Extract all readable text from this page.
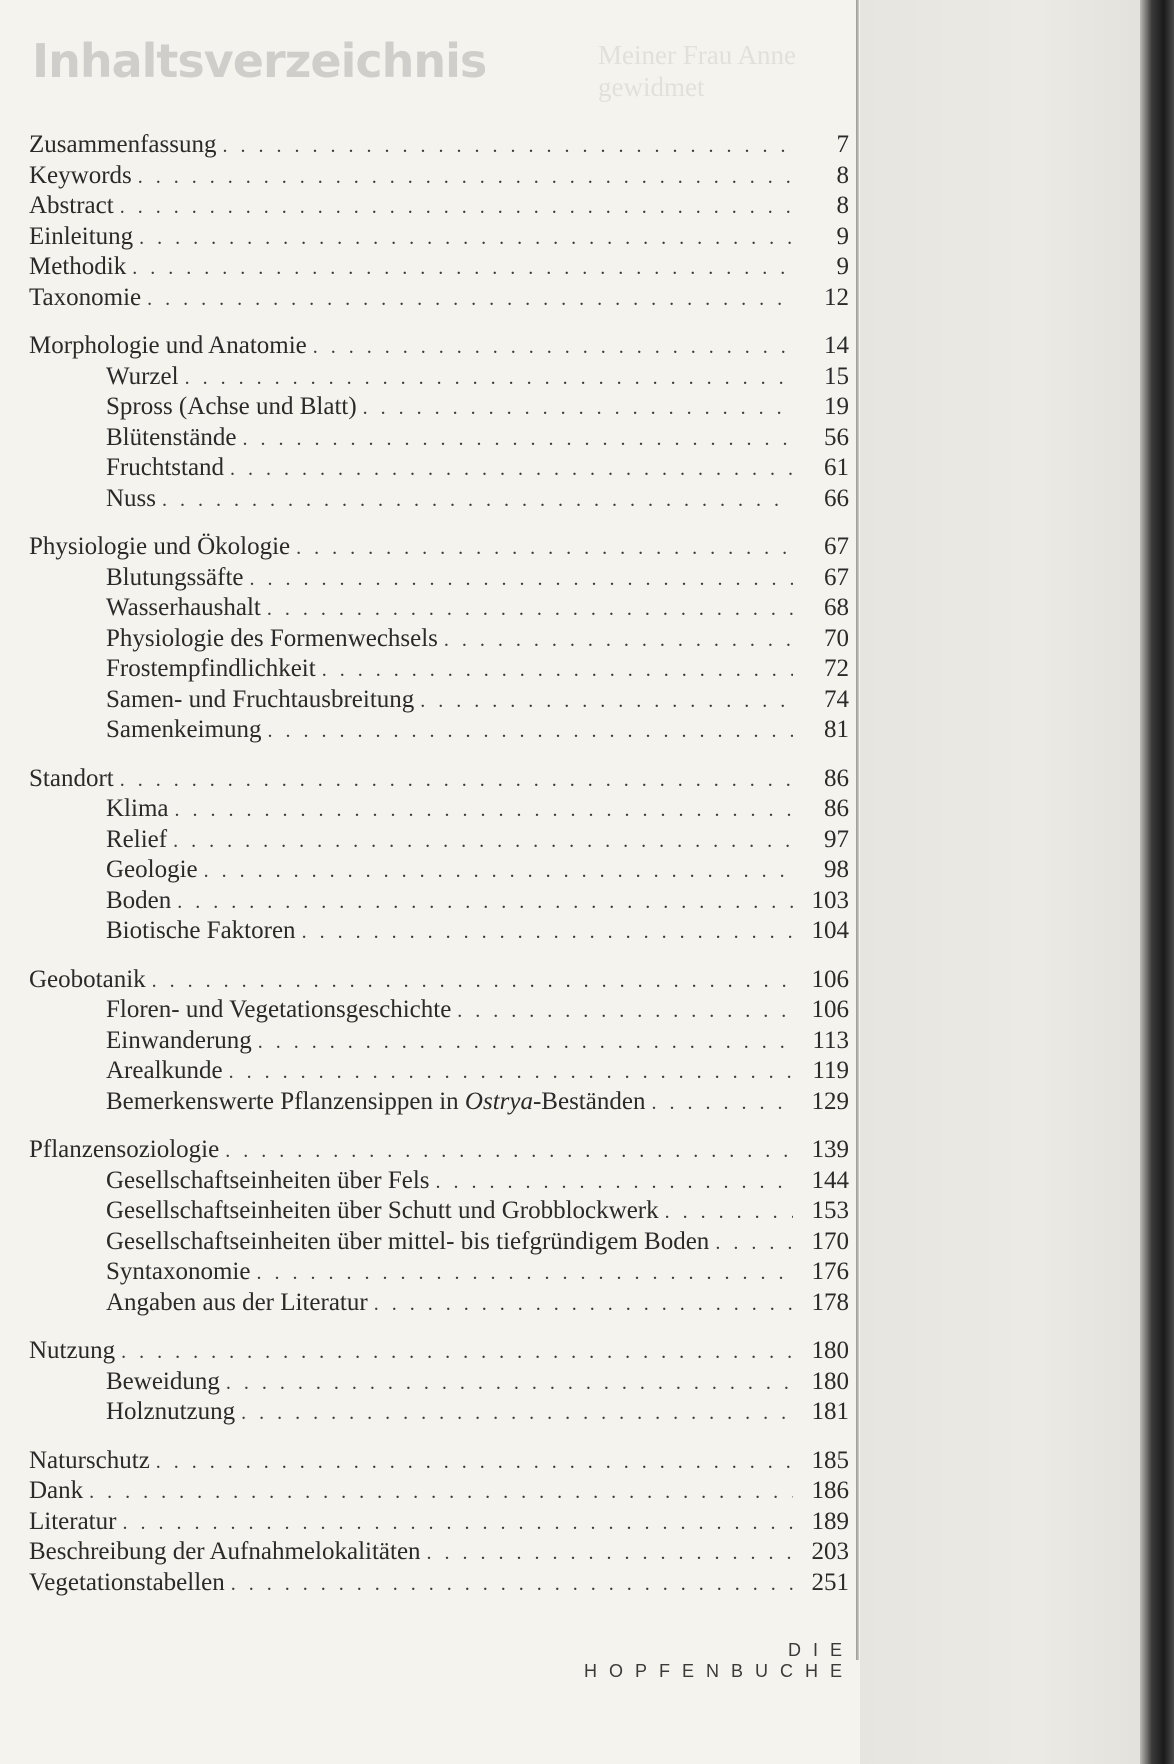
Meiner Frau Anne
gewidmet
Inhaltsverzeichnis
Zusammenfassung . . .	7
Keywords . . .	8
Abstract . . .	8
Einleitung . . .	9
Methodik . . .	9
Taxonomie . . .	12
Morphologie und Anatomie . . .	14
Wurzel . . .	15
Spross (Achse und Blatt) . . .	19
Blütenstände . . .	56
Fruchtstand . . .	61
Nuss . . .	66
Physiologie und Ökologie . . .	67
Blutungssäfte . . .	67
Wasserhaushalt . . .	68
Physiologie des Formenwechsels . . .	70
Frostempfindlichkeit . . .	72
Samen- und Fruchtausbreitung . . .	74
Samenkeimung . . .	81
Standort . . .	86
Klima . . .	86
Relief . . .	97
Geologie . . .	98
Boden . . .	103
Biotische Faktoren . . .	104
Geobotanik . . .	106
Floren- und Vegetationsgeschichte . . .	106
Einwanderung . . .	113
Arealkunde . . .	119
Bemerkenswerte Pflanzensippen in Ostrya-Beständen . . .	129
Pflanzensoziologie . . .	139
Gesellschaftseinheiten über Fels . . .	144
Gesellschaftseinheiten über Schutt und Grobblockwerk . . .	153
Gesellschaftseinheiten über mittel- bis tiefgründigem Boden . . .	170
Syntaxonomie . . .	176
Angaben aus der Literatur . . .	178
Nutzung . . .	180
Beweidung . . .	180
Holznutzung . . .	181
Naturschutz . . .	185
Dank . . .	186
Literatur . . .	189
Beschreibung der Aufnahmelokalitäten . . .	203
Vegetationstabellen . . .	251
DIE HOPFENBUCHE
